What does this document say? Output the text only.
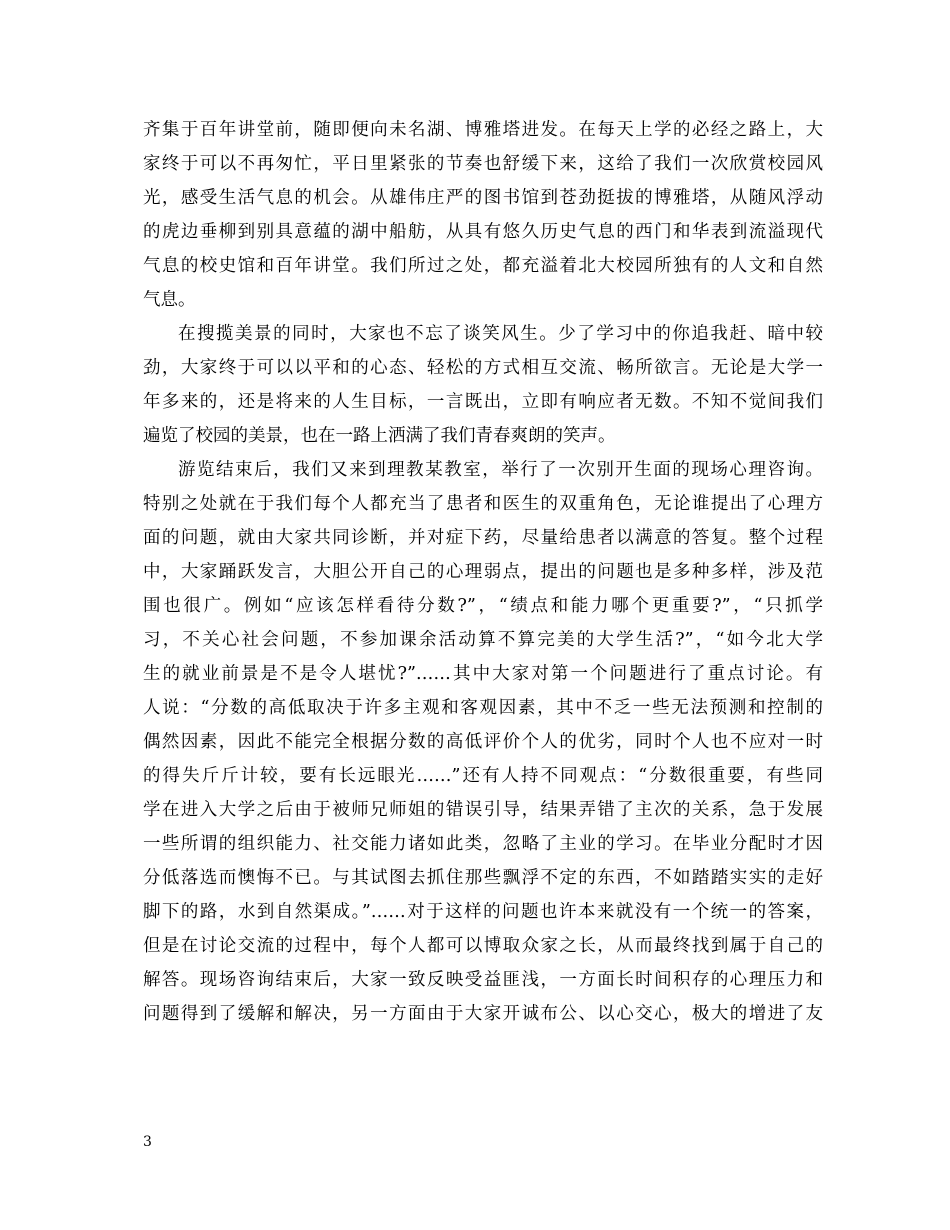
齐集于百年讲堂前，随即便向未名湖、博雅塔进发。在每天上学的必经之路上，大
家终于可以不再匆忙，平日里紧张的节奏也舒缓下来，这给了我们一次欣赏校园风
光，感受生活气息的机会。从雄伟庄严的图书馆到苍劲挺拔的博雅塔，从随风浮动
的虎边垂柳到别具意蕴的湖中船舫，从具有悠久历史气息的西门和华表到流溢现代
气息的校史馆和百年讲堂。我们所过之处，都充溢着北大校园所独有的人文和自然
气息。
在搜揽美景的同时，大家也不忘了谈笑风生。少了学习中的你追我赶、暗中较
劲，大家终于可以以平和的心态、轻松的方式相互交流、畅所欲言。无论是大学一
年多来的，还是将来的人生目标，一言既出，立即有响应者无数。不知不觉间我们
遍览了校园的美景，也在一路上洒满了我们青春爽朗的笑声。
游览结束后，我们又来到理教某教室，举行了一次别开生面的现场心理咨询。
特别之处就在于我们每个人都充当了患者和医生的双重角色，无论谁提出了心理方
面的问题，就由大家共同诊断，并对症下药，尽量给患者以满意的答复。整个过程
中，大家踊跃发言，大胆公开自己的心理弱点，提出的问题也是多种多样，涉及范
围也很广。例如“应该怎样看待分数?”，“绩点和能力哪个更重要?”，“只抓学
习，不关心社会问题，不参加课余活动算不算完美的大学生活?”，“如今北大学
生的就业前景是不是令人堪忧?”……其中大家对第一个问题进行了重点讨论。有
人说：“分数的高低取决于许多主观和客观因素，其中不乏一些无法预测和控制的
偶然因素，因此不能完全根据分数的高低评价个人的优劣，同时个人也不应对一时
的得失斤斤计较，要有长远眼光……”还有人持不同观点：“分数很重要，有些同
学在进入大学之后由于被师兄师姐的错误引导，结果弄错了主次的关系，急于发展
一些所谓的组织能力、社交能力诸如此类，忽略了主业的学习。在毕业分配时才因
分低落选而懊悔不已。与其试图去抓住那些飘浮不定的东西，不如踏踏实实的走好
脚下的路，水到自然渠成。”……对于这样的问题也许本来就没有一个统一的答案，
但是在讨论交流的过程中，每个人都可以博取众家之长，从而最终找到属于自己的
解答。现场咨询结束后，大家一致反映受益匪浅，一方面长时间积存的心理压力和
问题得到了缓解和解决，另一方面由于大家开诚布公、以心交心，极大的增进了友
3
